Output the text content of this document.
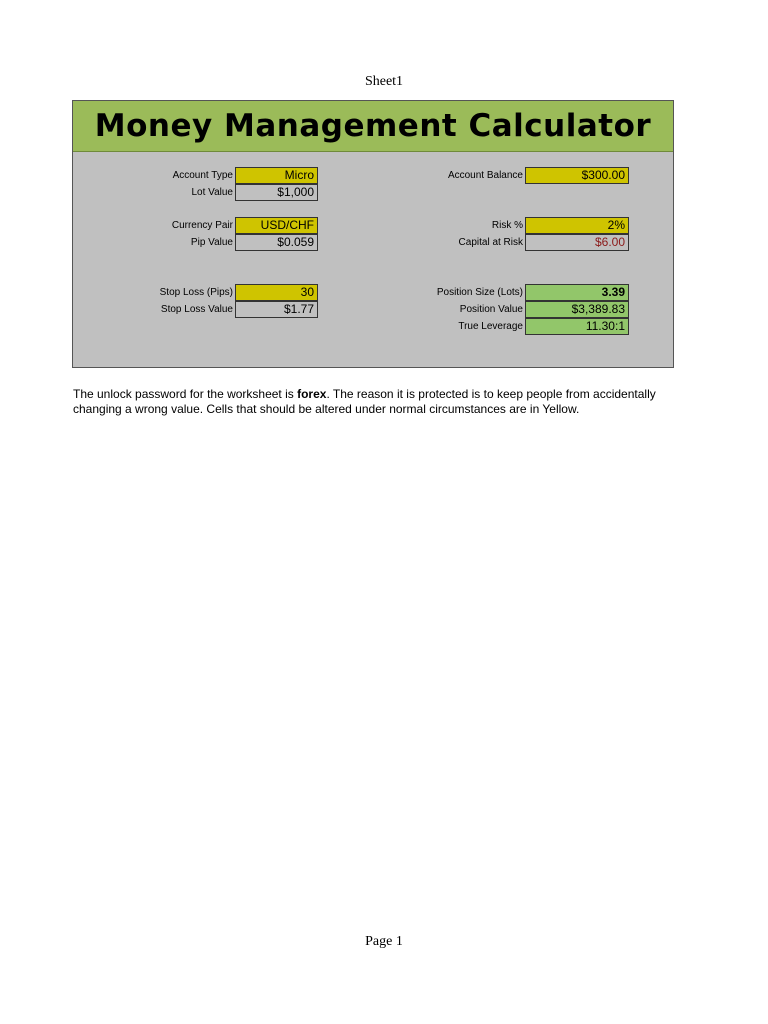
Sheet1
Money Management Calculator
Account Type	Micro
Lot Value	$1,000
Currency Pair	USD/CHF
Pip Value	$0.059
Stop Loss (Pips)	30
Stop Loss Value	$1.77
Account Balance	$300.00
Risk %	2%
Capital at Risk	$6.00
Position Size (Lots)	3.39
Position Value	$3,389.83
True Leverage	11.30:1
The unlock password for the worksheet is forex. The reason it is protected is to keep people from accidentally changing a wrong value. Cells that should be altered under normal circumstances are in Yellow.
Page 1
